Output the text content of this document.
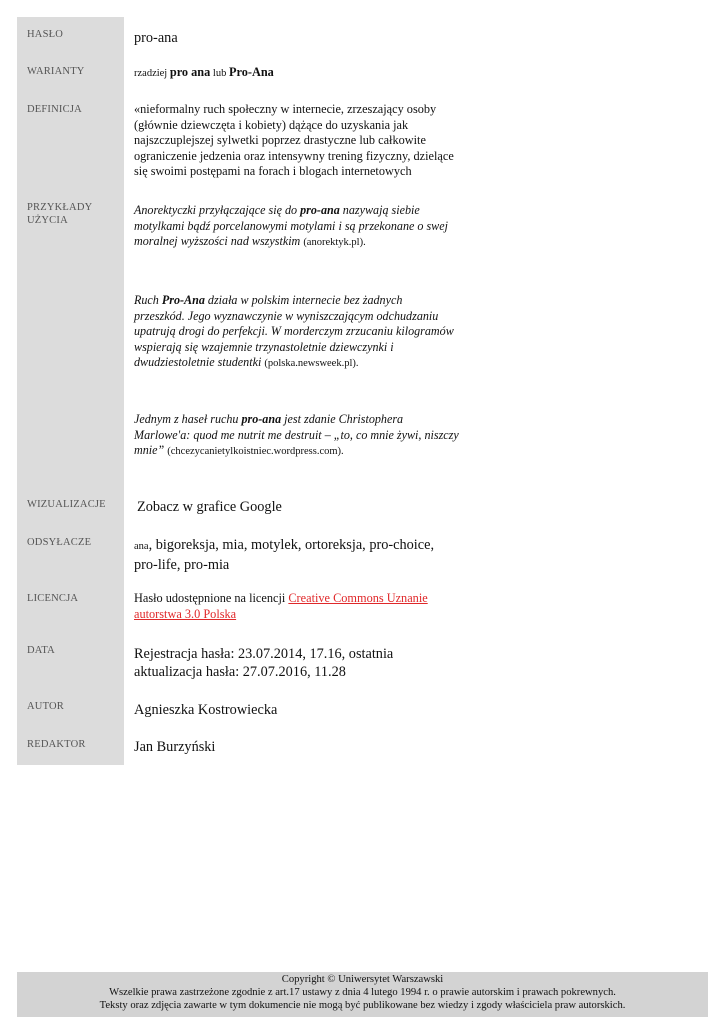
HASŁO
WARIANTY
DEFINICJA
PRZYKŁADY
UŻYCIA
WIZUALIZACJE
ODSYŁACZE
LICENCJA
DATA
AUTOR
REDAKTOR
pro-ana
rzadziej pro ana lub Pro-Ana
«nieformalny ruch społeczny w internecie, zrzeszający osoby (głównie dziewczęta i kobiety) dążące do uzyskania jak najszczuplejszej sylwetki poprzez drastyczne lub całkowite ograniczenie jedzenia oraz intensywny trening fizyczny, dzielące się swoimi postępami na forach i blogach internetowych
Anorektyczki przyłączające się do pro-ana nazywają siebie motylkami bądź porcelanowymi motylami i są przekonane o swej moralnej wyższości nad wszystkim (anorektyk.pl).
Ruch Pro-Ana działa w polskim internecie bez żadnych przeszkód. Jego wyznawczynie w wyniszczającym odchudzaniu upatrują drogi do perfekcji. W morderczym zrzucaniu kilogramów wspierają się wzajemnie trzynastoletnie dziewczynki i dwudziestoletnie studentki (polska.newsweek.pl).
Jednym z haseł ruchu pro-ana jest zdanie Christophera Marlowe'a: quod me nutrit me destruit – „to, co mnie żywi, niszczy mnie” (chcezycanietylkoistniec.wordpress.com).
Zobacz w grafice Google
ana, bigoreksja, mia, motylek, ortoreksja, pro-choice, pro-life, pro-mia
Hasło udostępnione na licencji Creative Commons Uznanie autorstwa 3.0 Polska
Rejestracja hasła: 23.07.2014, 17.16, ostatnia aktualizacja hasła: 27.07.2016, 11.28
Agnieszka Kostrowiecka
Jan Burzyński
Copyright © Uniwersytet Warszawski
Wszelkie prawa zastrzeżone zgodnie z art.17 ustawy z dnia 4 lutego 1994 r. o prawie autorskim i prawach pokrewnych.
Teksty oraz zdjęcia zawarte w tym dokumencie nie mogą być publikowane bez wiedzy i zgody właściciela praw autorskich.
